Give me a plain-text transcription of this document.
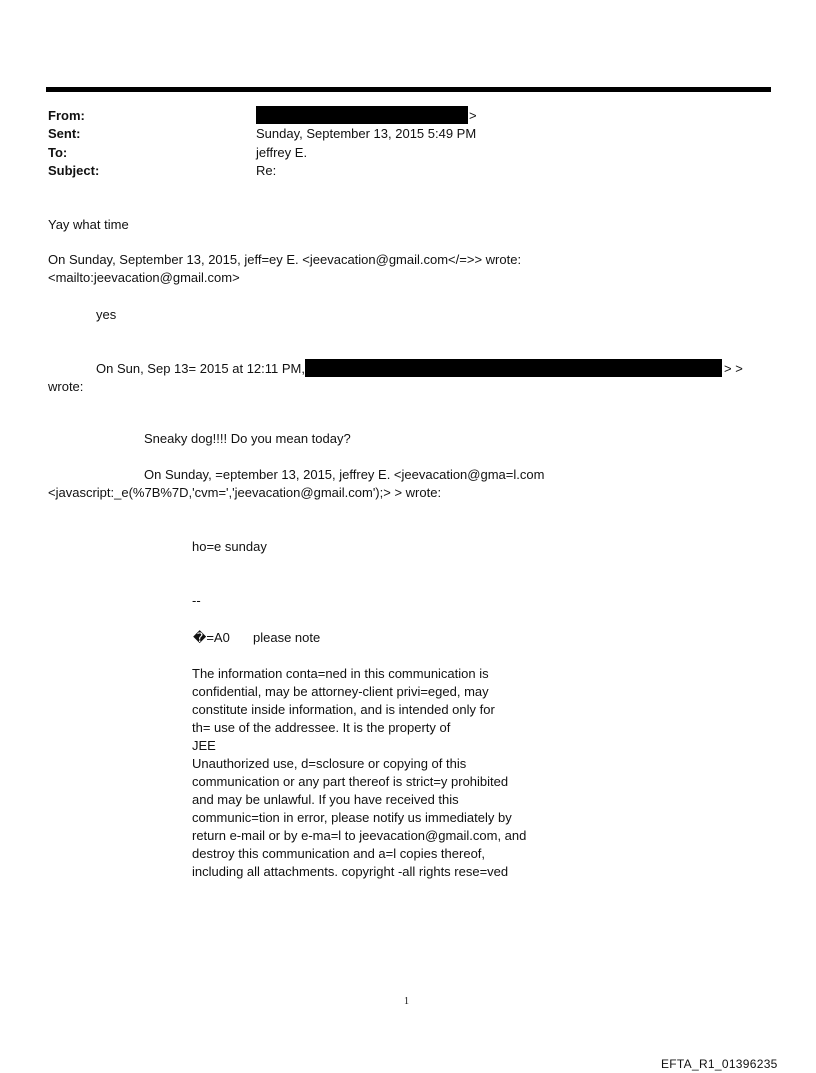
From:	>
Sent:	Sunday, September 13, 2015 5:49 PM
To:	jeffrey E.
Subject:	Re:
Yay what time
On Sunday, September 13, 2015, jeff=ey E. <jeevacation@gmail.com</=>> wrote:
<mailto:jeevacation@gmail.com>
yes
On Sun, Sep 13= 2015 at 12:11 PM,	> >
wrote:
Sneaky dog!!!! Do you mean today?
On Sunday, =eptember 13, 2015, jeffrey E. <jeevacation@gma=l.com
<javascript:_e(%7B%7D,'cvm=','jeevacation@gmail.com');> > wrote:
ho=e sunday
--
�=A0 please note
The information conta=ned in this communication is
confidential, may be attorney-client privi=eged, may
constitute inside information, and is intended only for
th= use of the addressee. It is the property of
JEE
Unauthorized use, d=sclosure or copying of this
communication or any part thereof is strict=y prohibited
and may be unlawful. If you have received this
communic=tion in error, please notify us immediately by
return e-mail or by e-ma=l to jeevacation@gmail.com, and
destroy this communication and a=l copies thereof,
including all attachments. copyright -all rights rese=ved
1
EFTA_R1_01396235
